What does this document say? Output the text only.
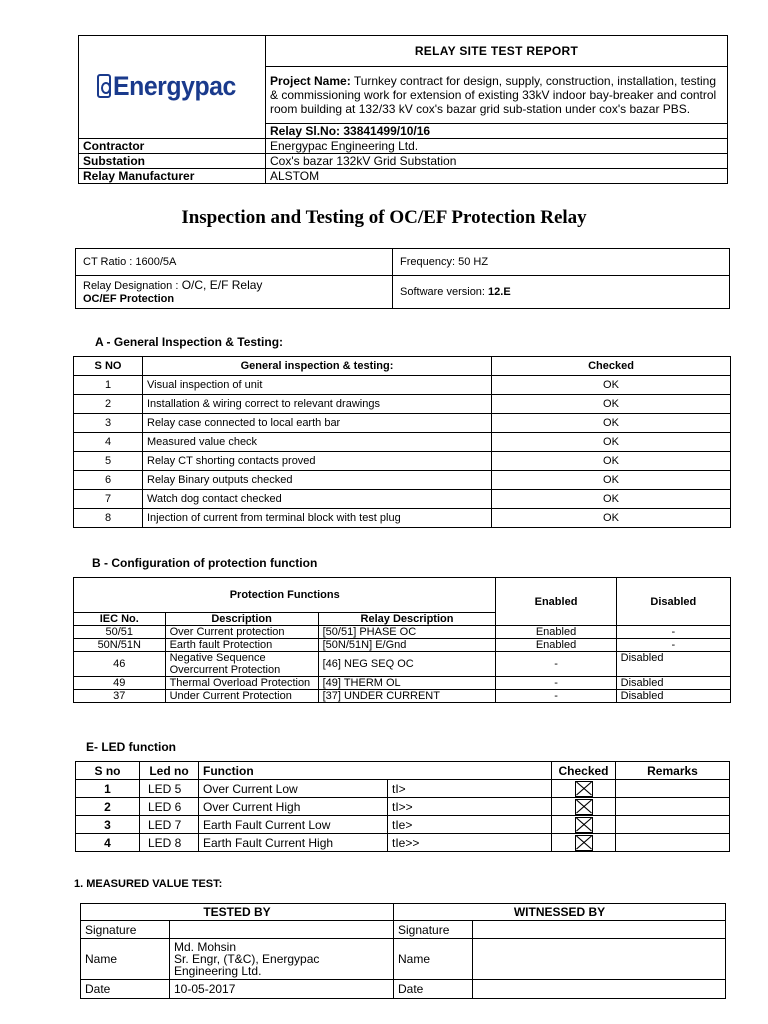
Energypac	RELAY SITE TEST REPORT
	Project Name: Turnkey contract for design, supply, construction, installation, testing & commissioning work for extension of existing 33kV indoor bay-breaker and control room building at 132/33 kV cox's bazar grid sub-station under cox's bazar PBS.
	Relay Sl.No: 33841499/10/16
Contractor	Energypac Engineering Ltd.
Substation	Cox's bazar 132kV Grid Substation
Relay Manufacturer	ALSTOM
Inspection and Testing of OC/EF Protection Relay
CT Ratio : 1600/5A	Frequency: 50 HZ
Relay Designation : O/C, E/F Relay
OC/EF Protection	Software version: 12.E
A - General Inspection & Testing:
S NO	General inspection & testing:	Checked
1	Visual inspection of unit	OK
2	Installation & wiring correct to relevant drawings	OK
3	Relay case connected to local earth bar	OK
4	Measured value check	OK
5	Relay CT shorting contacts proved	OK
6	Relay Binary outputs checked	OK
7	Watch dog contact checked	OK
8	Injection of current from terminal block with test plug	OK
B - Configuration of protection function
Protection Functions			Enabled	Disabled
IEC No.	Description	Relay Description		
50/51	Over Current protection	[50/51] PHASE OC	Enabled	-
50N/51N	Earth fault Protection	[50N/51N] E/Gnd	Enabled	-
46	Negative Sequence Overcurrent Protection	[46] NEG SEQ OC	-	Disabled
49	Thermal Overload Protection	[49] THERM OL	-	Disabled
37	Under Current Protection	[37] UNDER CURRENT	-	Disabled
E- LED function
S no	Led no	Function		Checked	Remarks
1	LED 5	Over Current Low	tI>		
2	LED 6	Over Current High	tI>>		
3	LED 7	Earth Fault Current Low	tIe>		
4	LED 8	Earth Fault Current High	tIe>>		
1. MEASURED VALUE TEST:
TESTED BY		WITNESSED BY	
Signature		Signature	
Name	Md. Mohsin
Sr. Engr, (T&C), Energypac
Engineering Ltd.	Name	
Date	10-05-2017	Date	
